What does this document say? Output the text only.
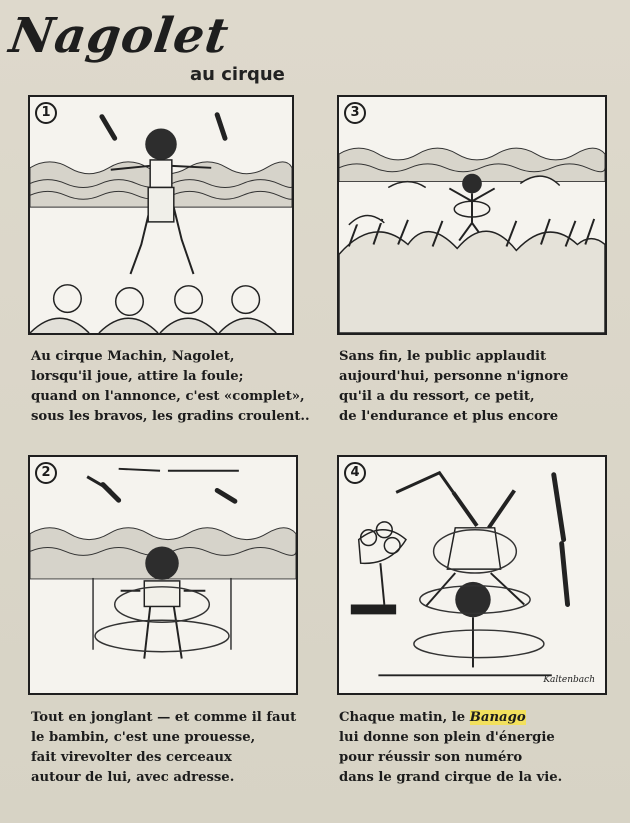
Nagolet
au cirque
1	3
2	4
Kaltenbach
Au cirque Machin, Nagolet,
lorsqu'il joue, attire la foule;
quand on l'annonce, c'est «complet»,
sous les bravos, les gradins croulent..
Sans fin, le public applaudit
aujourd'hui, personne n'ignore
qu'il a du ressort, ce petit,
de l'endurance et plus encore
Tout en jonglant — et comme il faut
le bambin, c'est une prouesse,
fait virevolter des cerceaux
autour de lui, avec adresse.
Chaque matin, le Banago
lui donne son plein d'énergie
pour réussir son numéro
dans le grand cirque de la vie.
